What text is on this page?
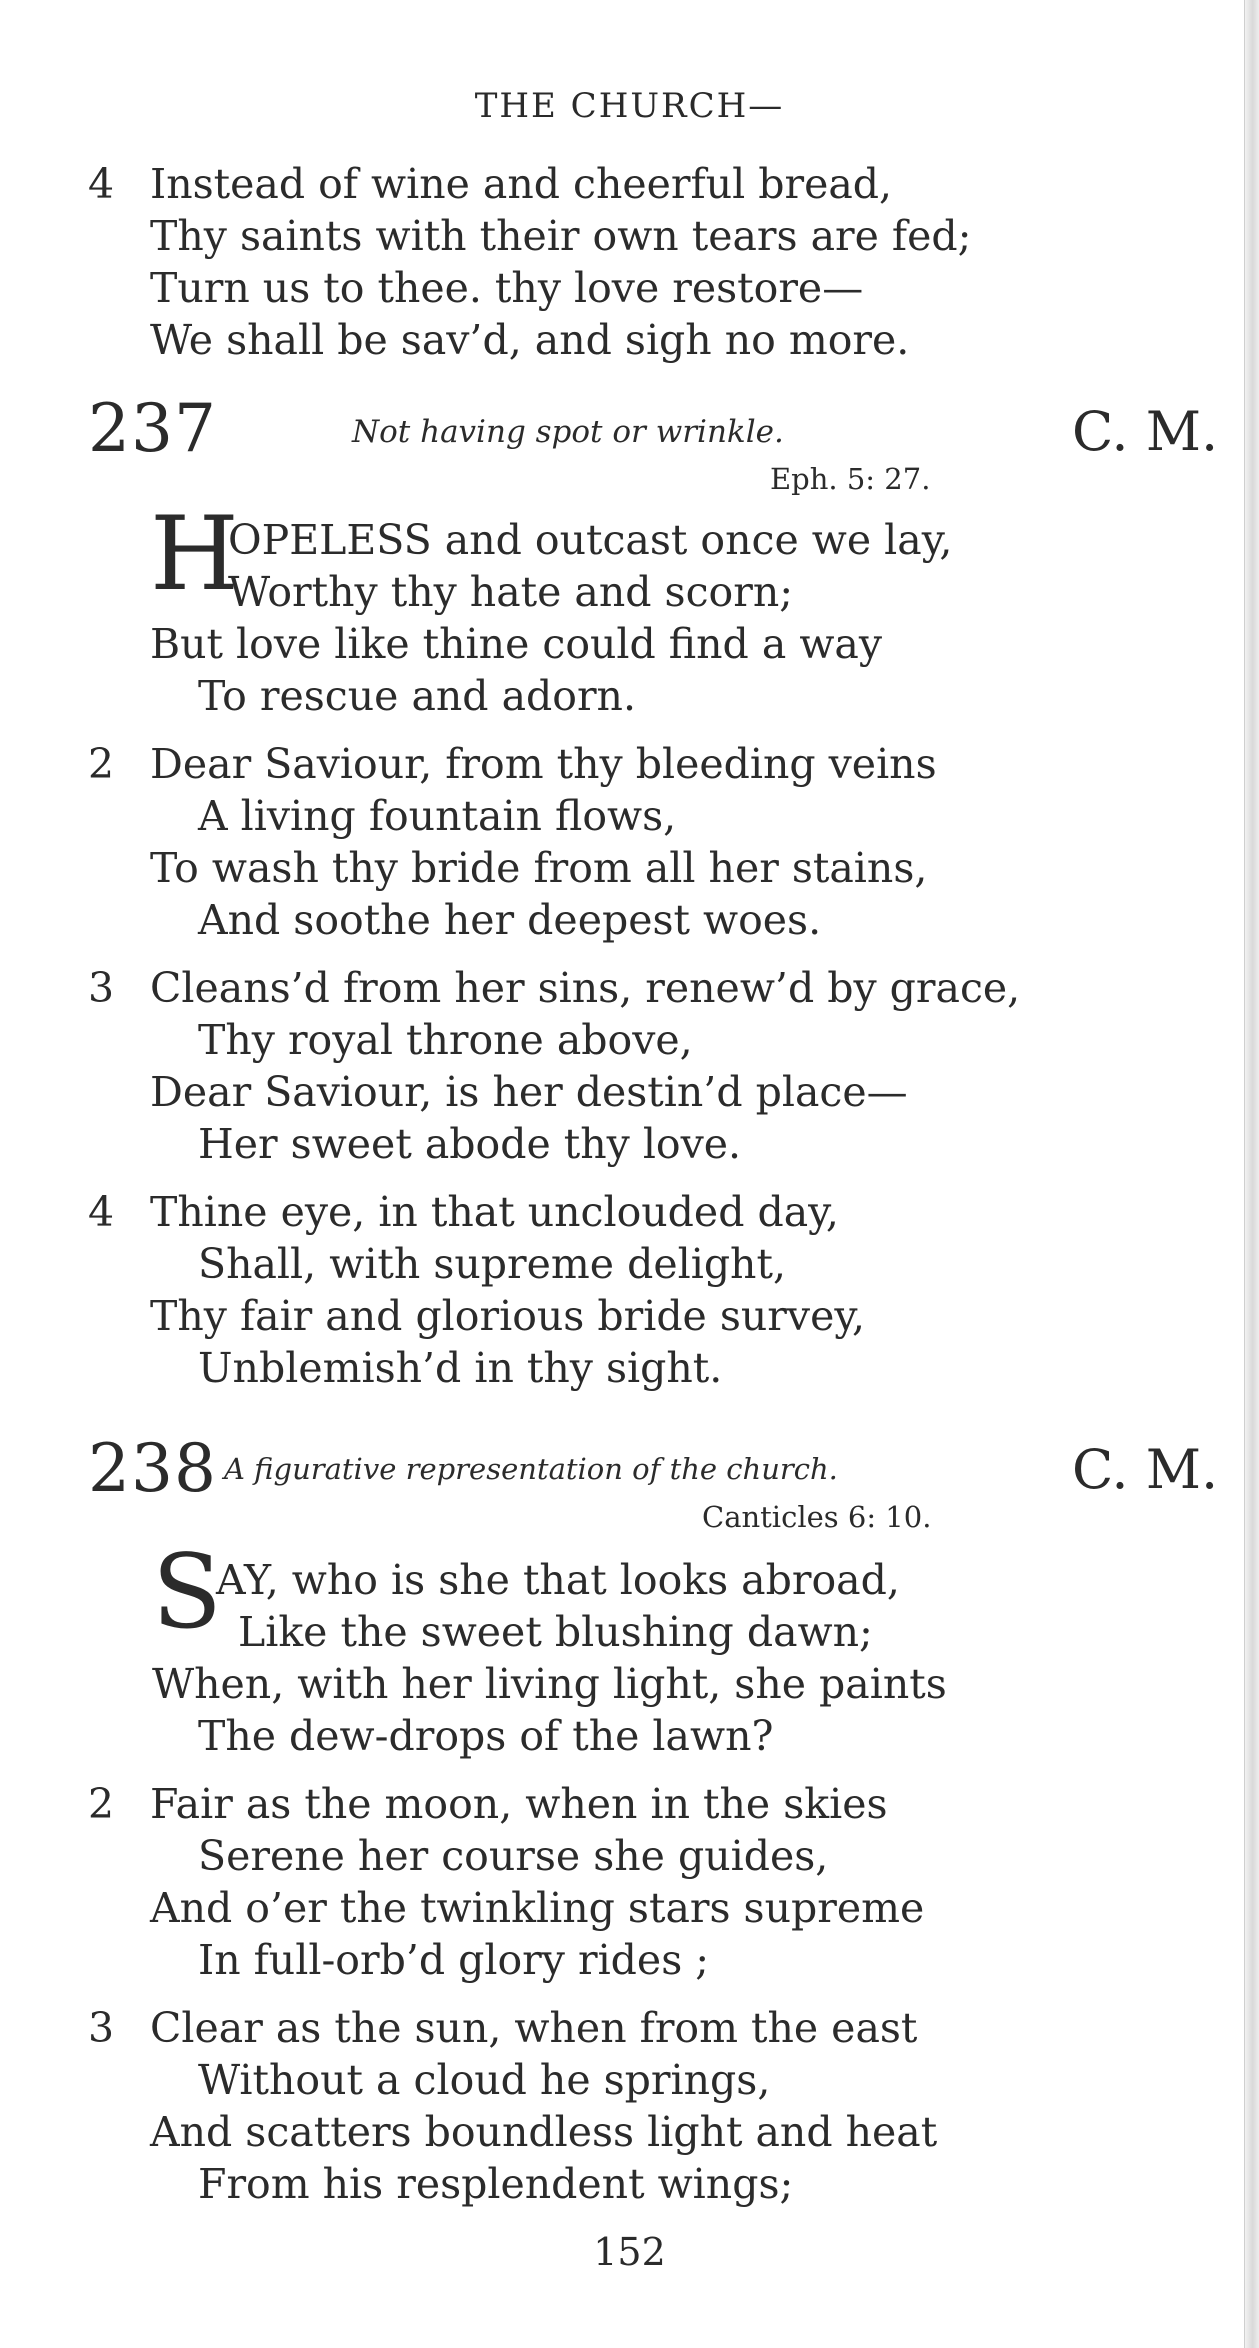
THE CHURCH—
4 Instead of wine and cheerful bread,
Thy saints with their own tears are fed;
Turn us to thee. thy love restore—
We shall be sav’d, and sigh no more.
237	Not having spot or wrinkle.	C. M.
Eph. 5: 27.
H
OPELESS and outcast once we lay,
Worthy thy hate and scorn;
But love like thine could find a way
To rescue and adorn.
2 Dear Saviour, from thy bleeding veins
A living fountain flows,
To wash thy bride from all her stains,
And soothe her deepest woes.
3 Cleans’d from her sins, renew’d by grace,
Thy royal throne above,
Dear Saviour, is her destin’d place—
Her sweet abode thy love.
4 Thine eye, in that unclouded day,
Shall, with supreme delight,
Thy fair and glorious bride survey,
Unblemish’d in thy sight.
238 A figurative representation of the church.	C. M.
Canticles 6: 10.
S
AY, who is she that looks abroad,
Like the sweet blushing dawn;
When, with her living light, she paints
The dew-drops of the lawn?
2 Fair as the moon, when in the skies
Serene her course she guides,
And o’er the twinkling stars supreme
In full-orb’d glory rides ;
3 Clear as the sun, when from the east
Without a cloud he springs,
And scatters boundless light and heat
From his resplendent wings;
152
